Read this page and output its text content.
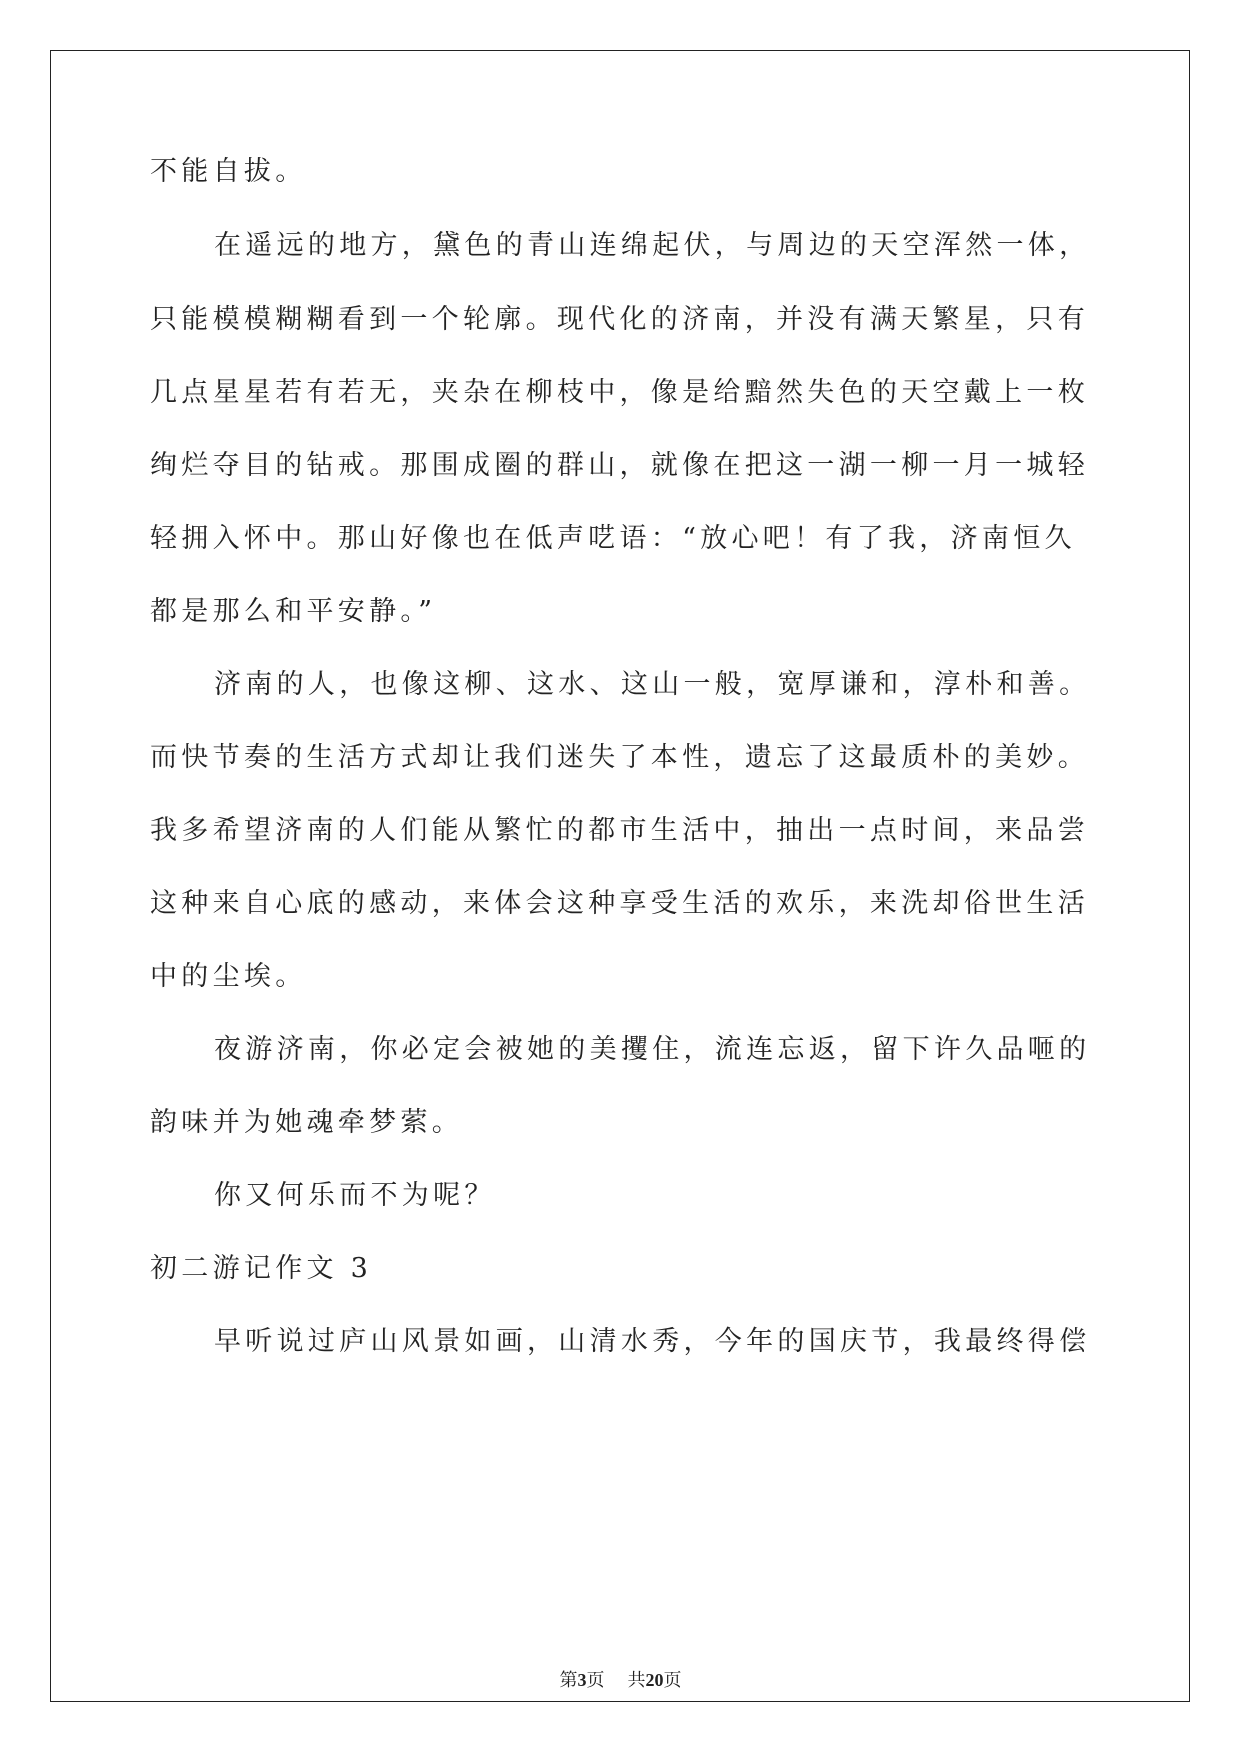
不能自拔。

在遥远的地方，黛色的青山连绵起伏，与周边的天空浑然一体，

只能模模糊糊看到一个轮廓。现代化的济南，并没有满天繁星，只有

几点星星若有若无，夹杂在柳枝中，像是给黯然失色的天空戴上一枚

绚烂夺目的钻戒。那围成圈的群山，就像在把这一湖一柳一月一城轻

轻拥入怀中。那山好像也在低声呓语：“放心吧！有了我，济南恒久

都是那么和平安静。”

济南的人，也像这柳、这水、这山一般，宽厚谦和，淳朴和善。

而快节奏的生活方式却让我们迷失了本性，遗忘了这最质朴的美妙。

我多希望济南的人们能从繁忙的都市生活中，抽出一点时间，来品尝

这种来自心底的感动，来体会这种享受生活的欢乐，来洗却俗世生活

中的尘埃。

夜游济南，你必定会被她的美攫住，流连忘返，留下许久品咂的

韵味并为她魂牵梦萦。

你又何乐而不为呢？

初二游记作文 3

早听说过庐山风景如画，山清水秀，今年的国庆节，我最终得偿

第3页 共20页
